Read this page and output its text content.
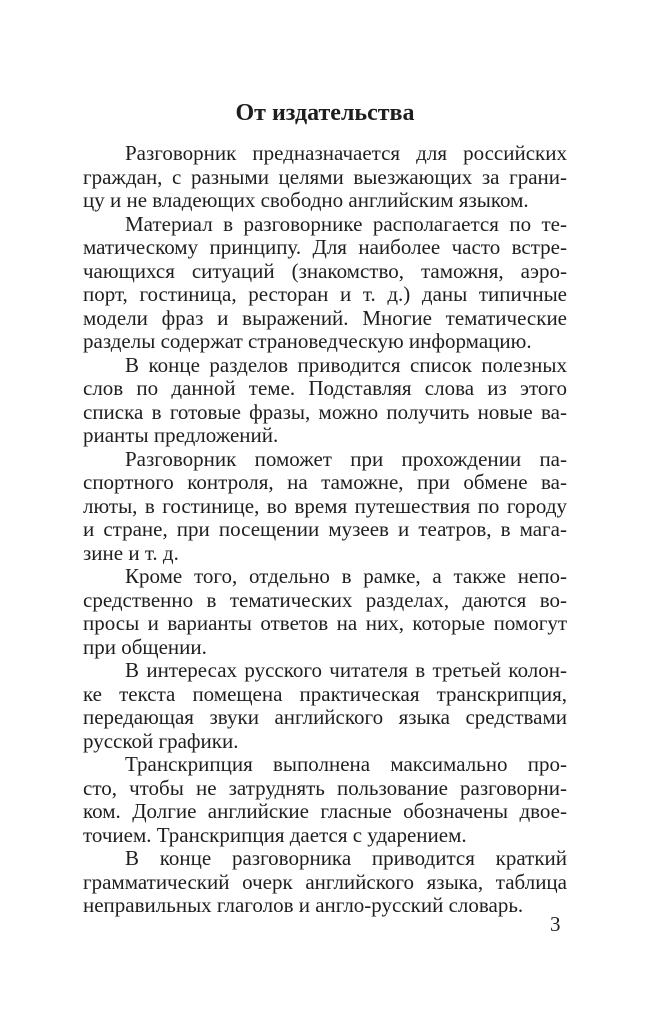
От издательства
Разговорник предназначается для российских
граждан, с разными целями выезжающих за грани-
цу и не владеющих свободно английским языком.
Материал в разговорнике располагается по те-
матическому принципу. Для наиболее часто встре-
чающихся ситуаций (знакомство, таможня, аэро-
порт, гостиница, ресторан и т. д.) даны типичные
модели фраз и выражений. Многие тематические
разделы содержат страноведческую информацию.
В конце разделов приводится список полезных
слов по данной теме. Подставляя слова из этого
списка в готовые фразы, можно получить новые ва-
рианты предложений.
Разговорник поможет при прохождении па-
спортного контроля, на таможне, при обмене ва-
люты, в гостинице, во время путешествия по городу
и стране, при посещении музеев и театров, в мага-
зине и т. д.
Кроме того, отдельно в рамке, а также непо-
средственно в тематических разделах, даются во-
просы и варианты ответов на них, которые помогут
при общении.
В интересах русского читателя в третьей колон-
ке текста помещена практическая транскрипция,
передающая звуки английского языка средствами
русской графики.
Транскрипция выполнена максимально про-
сто, чтобы не затруднять пользование разговорни-
ком. Долгие английские гласные обозначены двое-
точием. Транскрипция дается с ударением.
В конце разговорника приводится краткий
грамматический очерк английского языка, таблица
неправильных глаголов и англо-русский словарь.
3
